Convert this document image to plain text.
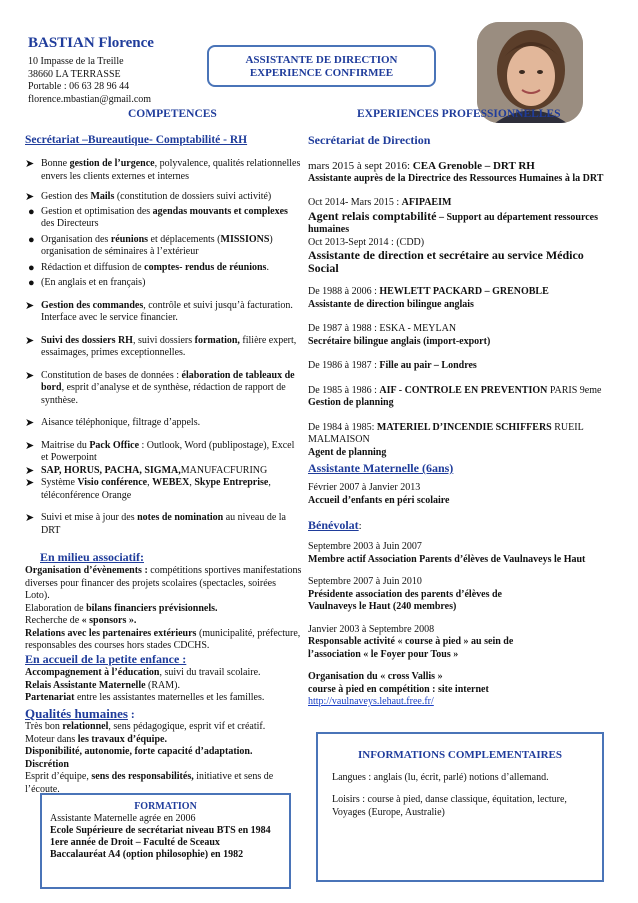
BASTIAN Florence
10 Impasse de la Treille
38660 LA TERRASSE
Portable : 06 63 28 96 44
florence.mbastian@gmail.com
ASSISTANTE DE DIRECTION
EXPERIENCE CONFIRMEE
COMPETENCES
Secrétariat –Bureautique- Comptabilité - RH
➤ Bonne gestion de l’urgence, polyvalence, qualités relationnelles envers les clients externes et internes
➤ Gestion des Mails (constitution de dossiers suivi activité)
● Gestion et optimisation des agendas mouvants et complexes des Directeurs
● Organisation des réunions et déplacements (MISSIONS) organisation de séminaires à l’extérieur
● Rédaction et diffusion de comptes- rendus de réunions.
● (En anglais et en français)
➤ Gestion des commandes, contrôle et suivi jusqu’à facturation. Interface avec le service financier.
➤ Suivi des dossiers RH, suivi dossiers formation, filière expert, essaimages, primes exceptionnelles.
➤ Constitution de bases de données : élaboration de tableaux de bord, esprit d’analyse et de synthèse, rédaction de rapport de synthèse.
➤ Aisance téléphonique, filtrage d’appels.
➤ Maitrise du Pack Office : Outlook, Word (publipostage), Excel et Powerpoint
➤ SAP, HORUS, PACHA, SIGMA,MANUFACFURING
➤ Système Visio conférence, WEBEX, Skype Entreprise, téléconférence Orange
➤ Suivi et mise à jour des notes de nomination au niveau de la DRT
En milieu associatif:

Organisation d’évènements : compétitions sportives manifestations diverses pour financer des projets scolaires (spectacles, soirées Loto).

Elaboration de bilans financiers prévisionnels.

Recherche de « sponsors ».

Relations avec les partenaires extérieurs (municipalité, préfecture, responsables des courses hors stades CDCHS.

En accueil de la petite enfance :

Accompagnement à l’éducation, suivi du travail scolaire.

Relais Assistante Maternelle (RAM).

Partenariat entre les assistantes maternelles et les familles.

Qualités humaines :

Très bon relationnel, sens pédagogique, esprit vif et créatif.

Moteur dans les travaux d’équipe.

Disponibilité, autonomie, forte capacité d’adaptation.

Discrétion

Esprit d’équipe, sens des responsabilités, initiative et sens de l’écoute.

FORMATION
Assistante Maternelle agrée en 2006
Ecole Supérieure de secrétariat niveau BTS en 1984
1ere année de Droit – Faculté de Sceaux
Baccalauréat A4 (option philosophie) en 1982
EXPERIENCES PROFESSIONNELLES
Secrétariat de Direction

mars 2015 à sept 2016: CEA Grenoble – DRT RH

Assistante auprès de la Directrice des Ressources Humaines à la DRT

Oct 2014- Mars 2015 : AFIPAEIM

Agent relais comptabilité – Support au département ressources humaines

Oct 2013-Sept 2014 : (CDD)

Assistante de direction et secrétaire au service Médico Social

De 1988 à 2006 : HEWLETT PACKARD – GRENOBLE

Assistante de direction bilingue anglais

De 1987 à 1988 : ESKA - MEYLAN

Secrétaire bilingue anglais (import-export)

De 1986 à 1987 : Fille au pair – Londres

De 1985 à 1986 : AIF - CONTROLE EN PREVENTION PARIS 9eme

Gestion de planning

De 1984 à 1985: MATERIEL D’INCENDIE SCHIFFERS RUEIL MALMAISON

Agent de planning

Assistante Maternelle (6ans)

Février 2007 à Janvier 2013

Accueil d’enfants en péri scolaire

Bénévolat:

Septembre 2003 à Juin 2007

Membre actif Association Parents d’élèves de Vaulnaveys le Haut

Septembre 2007 à Juin 2010

Présidente association des parents d’élèves de

Vaulnaveys le Haut (240 membres)

Janvier 2003 à Septembre 2008

Responsable activité « course à pied » au sein de

l’association « le Foyer pour Tous »

Organisation du « cross Vallis »

course à pied en compétition : site internet

http://vaulnaveys.lehaut.free.fr/

INFORMATIONS COMPLEMENTAIRES

Langues : anglais (lu, écrit, parlé) notions d’allemand.

Loisirs : course à pied, danse classique, équitation, lecture, Voyages (Europe, Australie)
